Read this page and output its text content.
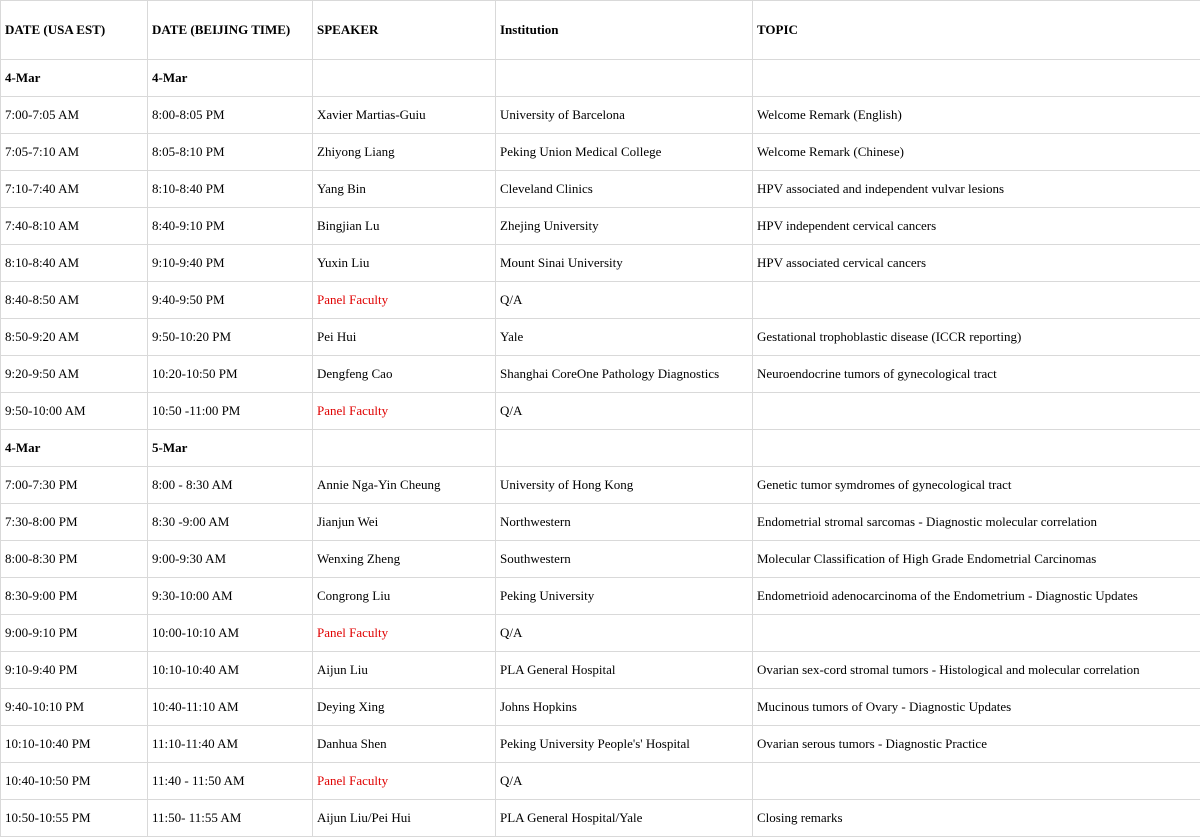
DATE (USA EST)	DATE (BEIJING TIME)	SPEAKER	Institution	TOPIC
4-Mar	4-Mar			
7:00-7:05 AM	8:00-8:05 PM	Xavier Martias-Guiu	University of Barcelona	Welcome Remark (English)
7:05-7:10 AM	8:05-8:10 PM	Zhiyong Liang	Peking Union Medical College	Welcome Remark (Chinese)
7:10-7:40 AM	8:10-8:40 PM	Yang Bin	Cleveland Clinics	HPV associated and independent vulvar lesions
7:40-8:10 AM	8:40-9:10 PM	Bingjian Lu	Zhejing University	HPV independent cervical cancers
8:10-8:40 AM	9:10-9:40 PM	Yuxin Liu	Mount Sinai University	HPV associated cervical cancers
8:40-8:50 AM	9:40-9:50 PM	Panel Faculty	Q/A	
8:50-9:20 AM	9:50-10:20 PM	Pei Hui	Yale	Gestational trophoblastic disease (ICCR reporting)
9:20-9:50 AM	10:20-10:50 PM	Dengfeng Cao	Shanghai CoreOne Pathology Diagnostics	Neuroendocrine tumors of gynecological tract
9:50-10:00 AM	10:50 -11:00 PM	Panel Faculty	Q/A	
4-Mar	5-Mar			
7:00-7:30 PM	8:00 - 8:30 AM	Annie Nga-Yin Cheung	University of Hong Kong	Genetic tumor symdromes of gynecological tract
7:30-8:00 PM	8:30 -9:00 AM	Jianjun Wei	Northwestern	Endometrial stromal sarcomas - Diagnostic molecular correlation
8:00-8:30 PM	9:00-9:30 AM	Wenxing Zheng	Southwestern	Molecular Classification of High Grade Endometrial Carcinomas
8:30-9:00 PM	9:30-10:00 AM	Congrong Liu	Peking University	Endometrioid adenocarcinoma of the Endometrium - Diagnostic Updates
9:00-9:10 PM	10:00-10:10 AM	Panel Faculty	Q/A	
9:10-9:40 PM	10:10-10:40 AM	Aijun Liu	PLA General Hospital	Ovarian sex-cord stromal tumors - Histological and molecular correlation
9:40-10:10 PM	10:40-11:10 AM	Deying Xing	Johns Hopkins	Mucinous tumors of Ovary - Diagnostic Updates
10:10-10:40 PM	11:10-11:40 AM	Danhua Shen	Peking University People's' Hospital	Ovarian serous tumors - Diagnostic Practice
10:40-10:50 PM	11:40 - 11:50 AM	Panel Faculty	Q/A	
10:50-10:55 PM	11:50- 11:55 AM	Aijun Liu/Pei Hui	PLA General Hospital/Yale	Closing remarks
